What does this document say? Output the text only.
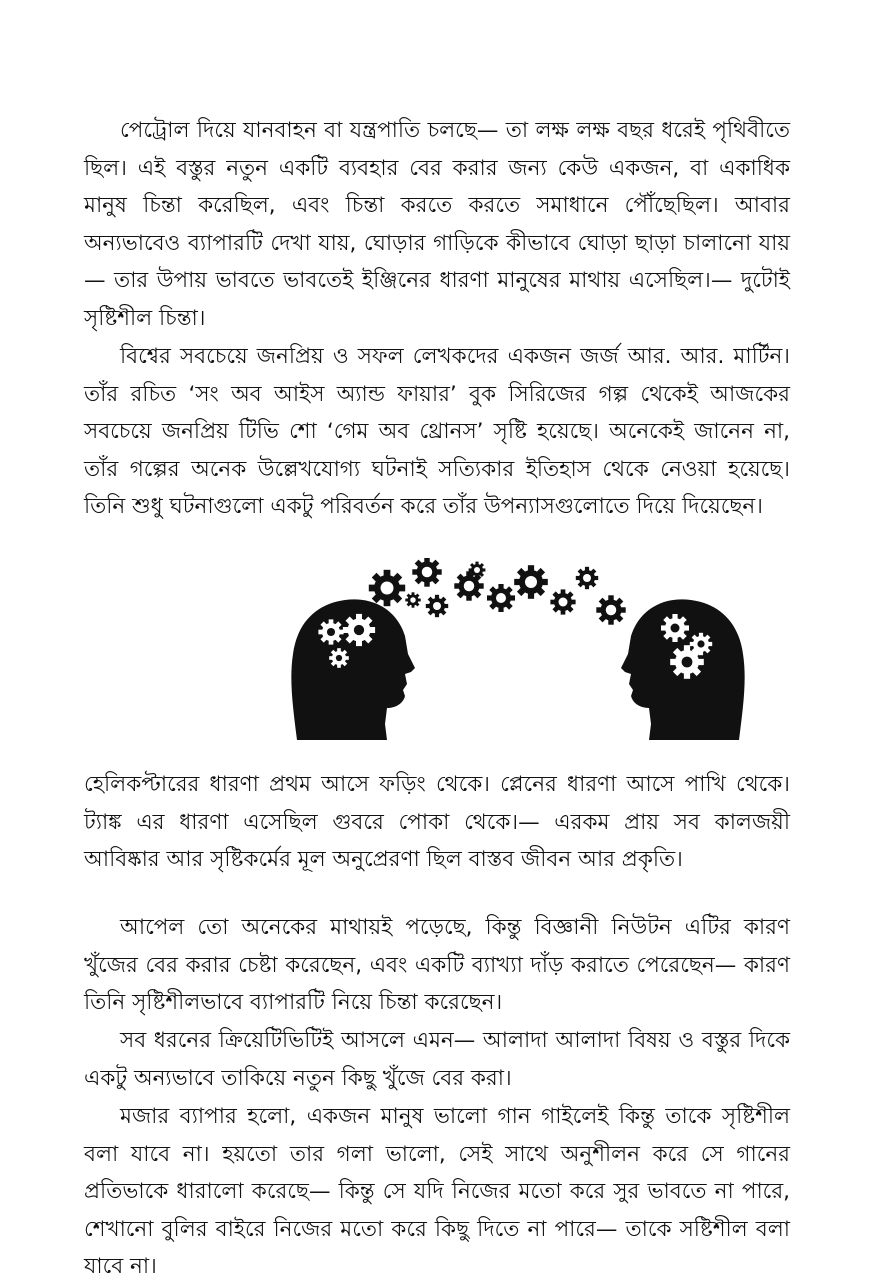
পেট্রোল দিয়ে যানবাহন বা যন্ত্রপাতি চলছে— তা লক্ষ লক্ষ বছর ধরেই পৃথিবীতে ছিল। এই বস্তুর নতুন একটি ব্যবহার বের করার জন্য কেউ একজন, বা একাধিক মানুষ চিন্তা করেছিল, এবং চিন্তা করতে করতে সমাধানে পৌঁছেছিল। আবার অন্যভাবেও ব্যাপারটি দেখা যায়, ঘোড়ার গাড়িকে কীভাবে ঘোড়া ছাড়া চালানো যায়— তার উপায় ভাবতে ভাবতেই ইঞ্জিনের ধারণা মানুষের মাথায় এসেছিল।— দুটোই সৃষ্টিশীল চিন্তা।

বিশ্বের সবচেয়ে জনপ্রিয় ও সফল লেখকদের একজন জর্জ আর. আর. মার্টিন। তাঁর রচিত ‘সং অব আইস অ্যান্ড ফায়ার’ বুক সিরিজের গল্প থেকেই আজকের সবচেয়ে জনপ্রিয় টিভি শো ‘গেম অব থ্রোনস’ সৃষ্টি হয়েছে। অনেকেই জানেন না, তাঁর গল্পের অনেক উল্লেখযোগ্য ঘটনাই সত্যিকার ইতিহাস থেকে নেওয়া হয়েছে। তিনি শুধু ঘটনাগুলো একটু পরিবর্তন করে তাঁর উপন্যাসগুলোতে দিয়ে দিয়েছেন।

হেলিকপ্টারের ধারণা প্রথম আসে ফড়িং থেকে। প্লেনের ধারণা আসে পাখি থেকে। ট্যাঙ্ক এর ধারণা এসেছিল গুবরে পোকা থেকে।— এরকম প্রায় সব কালজয়ী আবিষ্কার আর সৃষ্টিকর্মের মূল অনুপ্রেরণা ছিল বাস্তব জীবন আর প্রকৃতি।

আপেল তো অনেকের মাথায়ই পড়েছে, কিন্তু বিজ্ঞানী নিউটন এটির কারণ খুঁজের বের করার চেষ্টা করেছেন, এবং একটি ব্যাখ্যা দাঁড় করাতে পেরেছেন— কারণ তিনি সৃষ্টিশীলভাবে ব্যাপারটি নিয়ে চিন্তা করেছেন।

সব ধরনের ক্রিয়েটিভিটিই আসলে এমন— আলাদা আলাদা বিষয় ও বস্তুর দিকে একটু অন্যভাবে তাকিয়ে নতুন কিছু খুঁজে বের করা।

মজার ব্যাপার হলো, একজন মানুষ ভালো গান গাইলেই কিন্তু তাকে সৃষ্টিশীল বলা যাবে না। হয়তো তার গলা ভালো, সেই সাথে অনুশীলন করে সে গানের প্রতিভাকে ধারালো করেছে— কিন্তু সে যদি নিজের মতো করে সুর ভাবতে না পারে, শেখানো বুলির বাইরে নিজের মতো করে কিছু দিতে না পারে— তাকে সষ্টিশীল বলা যাবে না।
